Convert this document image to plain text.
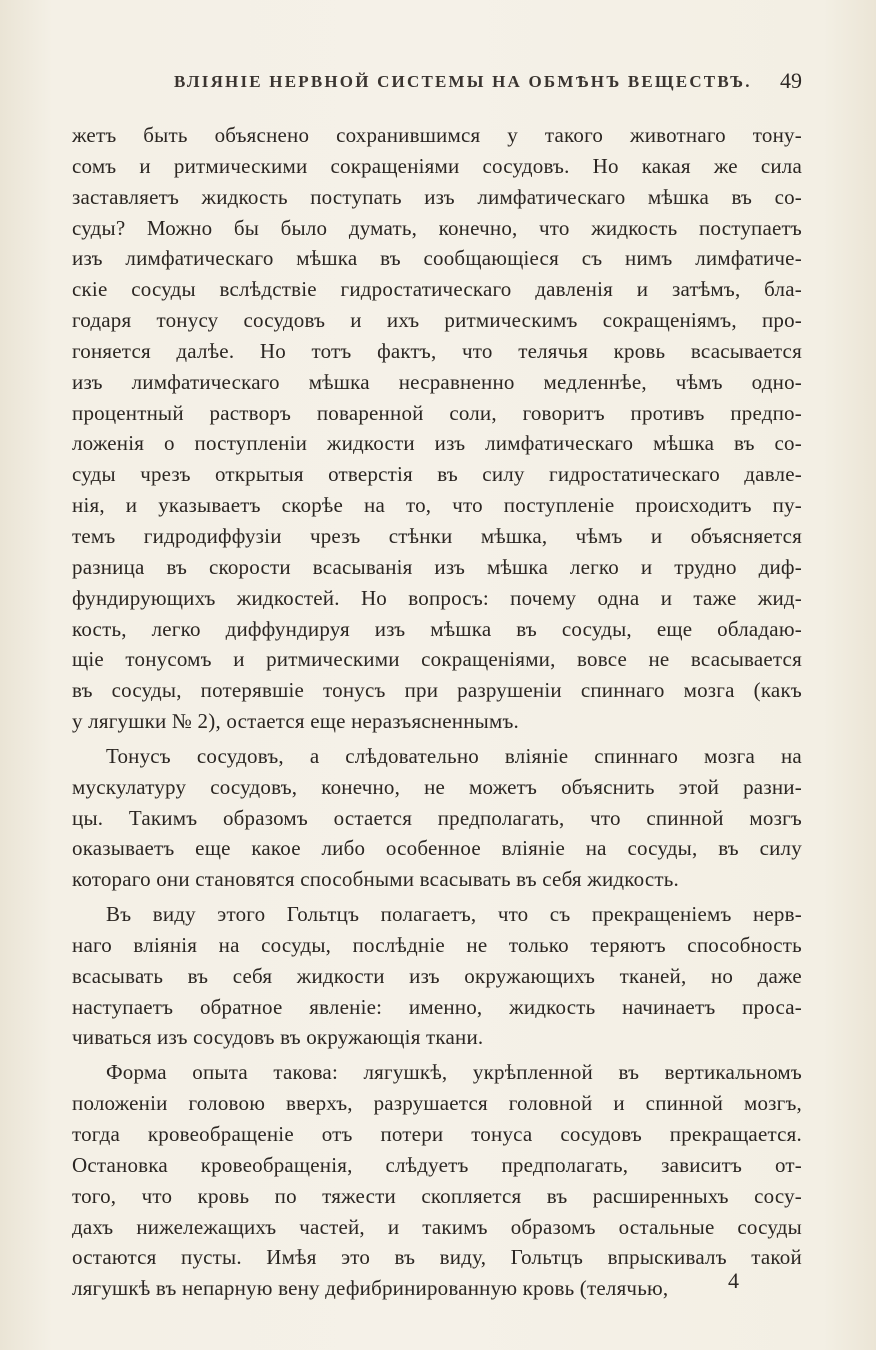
ВЛІЯНІЕ НЕРВНОЙ СИСТЕМЫ НА ОБМѢНЪ ВЕЩЕСТВЪ. 49
жетъ быть объяснено сохранившимся у такого животнаго тону-
сомъ и ритмическими сокращеніями сосудовъ. Но какая же сила
заставляетъ жидкость поступать изъ лимфатическаго мѣшка въ со-
суды? Можно бы было думать, конечно, что жидкость поступаетъ
изъ лимфатическаго мѣшка въ сообщающіеся съ нимъ лимфатиче-
скіе сосуды вслѣдствіе гидростатическаго давленія и затѣмъ, бла-
годаря тонусу сосудовъ и ихъ ритмическимъ сокращеніямъ, про-
гоняется далѣе. Но тотъ фактъ, что телячья кровь всасывается
изъ лимфатическаго мѣшка несравненно медленнѣе, чѣмъ одно-
процентный растворъ поваренной соли, говоритъ противъ предпо-
ложенія о поступленіи жидкости изъ лимфатическаго мѣшка въ со-
суды чрезъ открытыя отверстія въ силу гидростатическаго давле-
нія, и указываетъ скорѣе на то, что поступленіе происходитъ пу-
темъ гидродиффузіи чрезъ стѣнки мѣшка, чѣмъ и объясняется
разница въ скорости всасыванія изъ мѣшка легко и трудно диф-
фундирующихъ жидкостей. Но вопросъ: почему одна и таже жид-
кость, легко диффундируя изъ мѣшка въ сосуды, еще обладаю-
щіе тонусомъ и ритмическими сокращеніями, вовсе не всасывается
въ сосуды, потерявшіе тонусъ при разрушеніи спиннаго мозга (какъ
у лягушки № 2), остается еще неразъясненнымъ.
Тонусъ сосудовъ, а слѣдовательно вліяніе спиннаго мозга на
мускулатуру сосудовъ, конечно, не можетъ объяснить этой разни-
цы. Такимъ образомъ остается предполагать, что спинной мозгъ
оказываетъ еще какое либо особенное вліяніе на сосуды, въ силу
котораго они становятся способными всасывать въ себя жидкость.
Въ виду этого Гольтцъ полагаетъ, что съ прекращеніемъ нерв-
наго вліянія на сосуды, послѣдніе не только теряютъ способность
всасывать въ себя жидкости изъ окружающихъ тканей, но даже
наступаетъ обратное явленіе: именно, жидкость начинаетъ проса-
чиваться изъ сосудовъ въ окружающія ткани.
Форма опыта такова: лягушкѣ, укрѣпленной въ вертикальномъ
положеніи головою вверхъ, разрушается головной и спинной мозгъ,
тогда кровеобращеніе отъ потери тонуса сосудовъ прекращается.
Остановка кровеобращенія, слѣдуетъ предполагать, зависитъ от-
того, что кровь по тяжести скопляется въ расширенныхъ сосу-
дахъ нижележащихъ частей, и такимъ образомъ остальные сосуды
остаются пусты. Имѣя это въ виду, Гольтцъ впрыскивалъ такой
лягушкѣ въ непарную вену дефибринированную кровь (телячью,	4
